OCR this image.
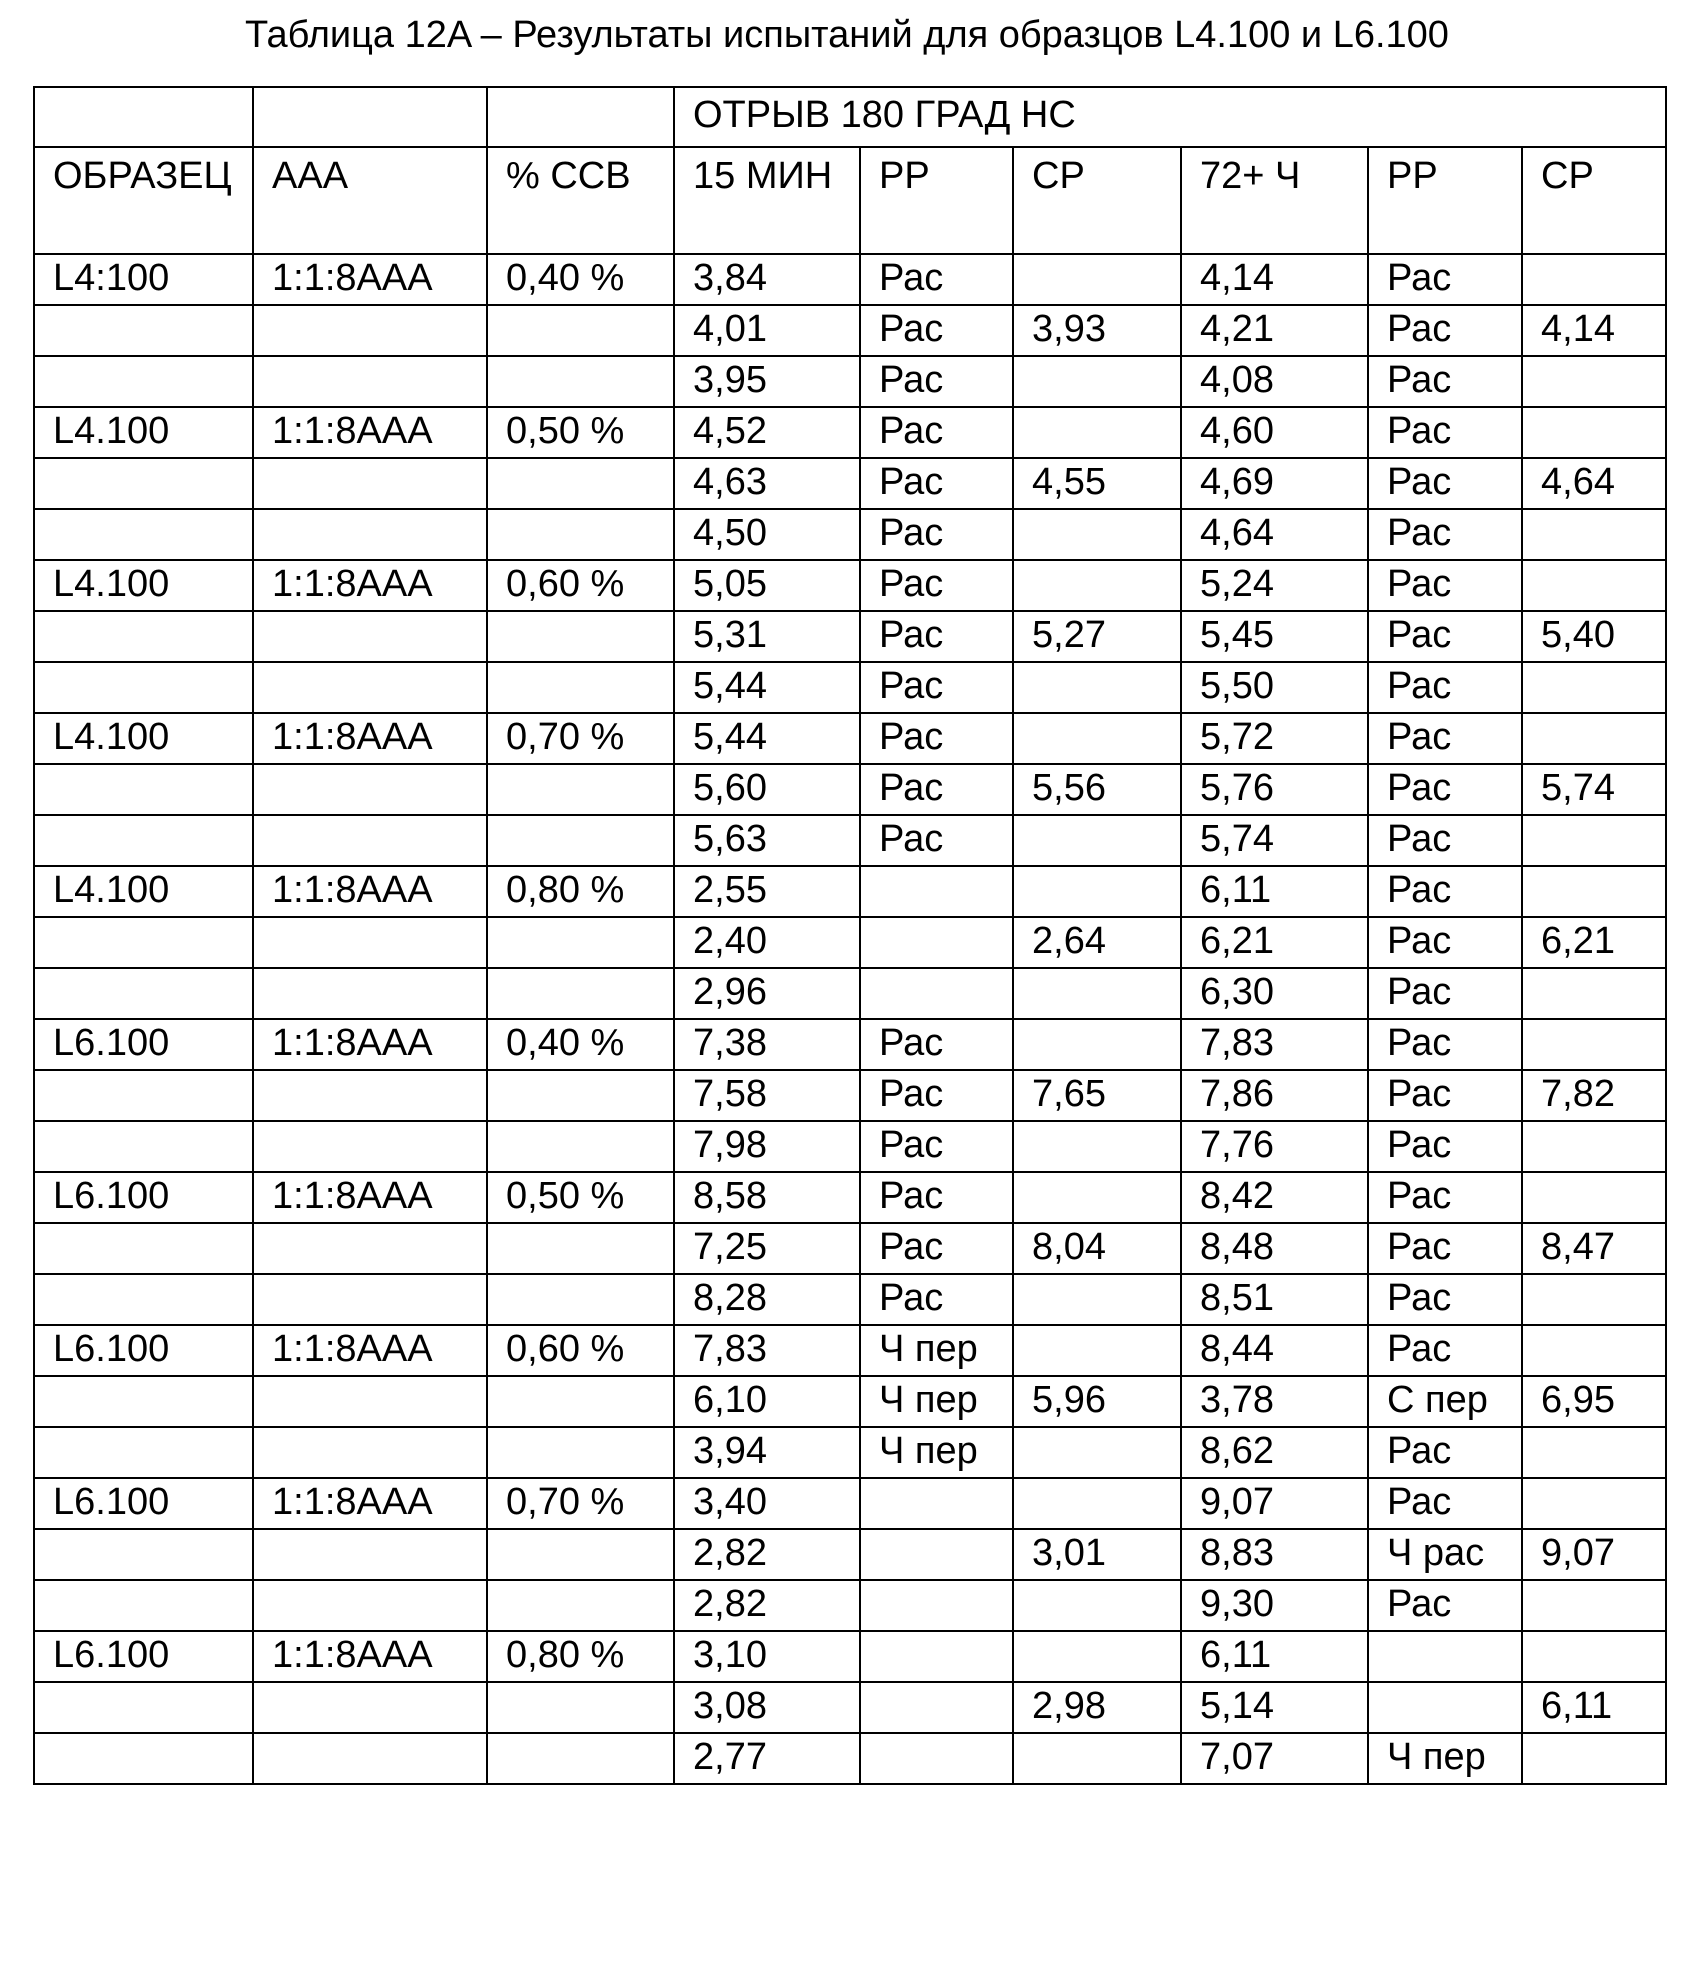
Таблица 12A – Результаты испытаний для образцов L4.100 и L6.100
			ОТРЫВ 180 ГРАД НС					
ОБРАЗЕЦ	AAA	% ССВ	15 МИН	РР	СР	72+ Ч	РР	СР
L4:100	1:1:8AAA	0,40 %	3,84	Рас		4,14	Рас	
			4,01	Рас	3,93	4,21	Рас	4,14
			3,95	Рас		4,08	Рас	
L4.100	1:1:8AAA	0,50 %	4,52	Рас		4,60	Рас	
			4,63	Рас	4,55	4,69	Рас	4,64
			4,50	Рас		4,64	Рас	
L4.100	1:1:8AAA	0,60 %	5,05	Рас		5,24	Рас	
			5,31	Рас	5,27	5,45	Рас	5,40
			5,44	Рас		5,50	Рас	
L4.100	1:1:8AAA	0,70 %	5,44	Рас		5,72	Рас	
			5,60	Рас	5,56	5,76	Рас	5,74
			5,63	Рас		5,74	Рас	
L4.100	1:1:8AAA	0,80 %	2,55			6,11	Рас	
			2,40		2,64	6,21	Рас	6,21
			2,96			6,30	Рас	
L6.100	1:1:8AAA	0,40 %	7,38	Рас		7,83	Рас	
			7,58	Рас	7,65	7,86	Рас	7,82
			7,98	Рас		7,76	Рас	
L6.100	1:1:8AAA	0,50 %	8,58	Рас		8,42	Рас	
			7,25	Рас	8,04	8,48	Рас	8,47
			8,28	Рас		8,51	Рас	
L6.100	1:1:8AAA	0,60 %	7,83	Ч пер		8,44	Рас	
			6,10	Ч пер	5,96	3,78	С пер	6,95
			3,94	Ч пер		8,62	Рас	
L6.100	1:1:8AAA	0,70 %	3,40			9,07	Рас	
			2,82		3,01	8,83	Ч рас	9,07
			2,82			9,30	Рас	
L6.100	1:1:8AAA	0,80 %	3,10			6,11		
			3,08		2,98	5,14		6,11
			2,77			7,07	Ч пер	
